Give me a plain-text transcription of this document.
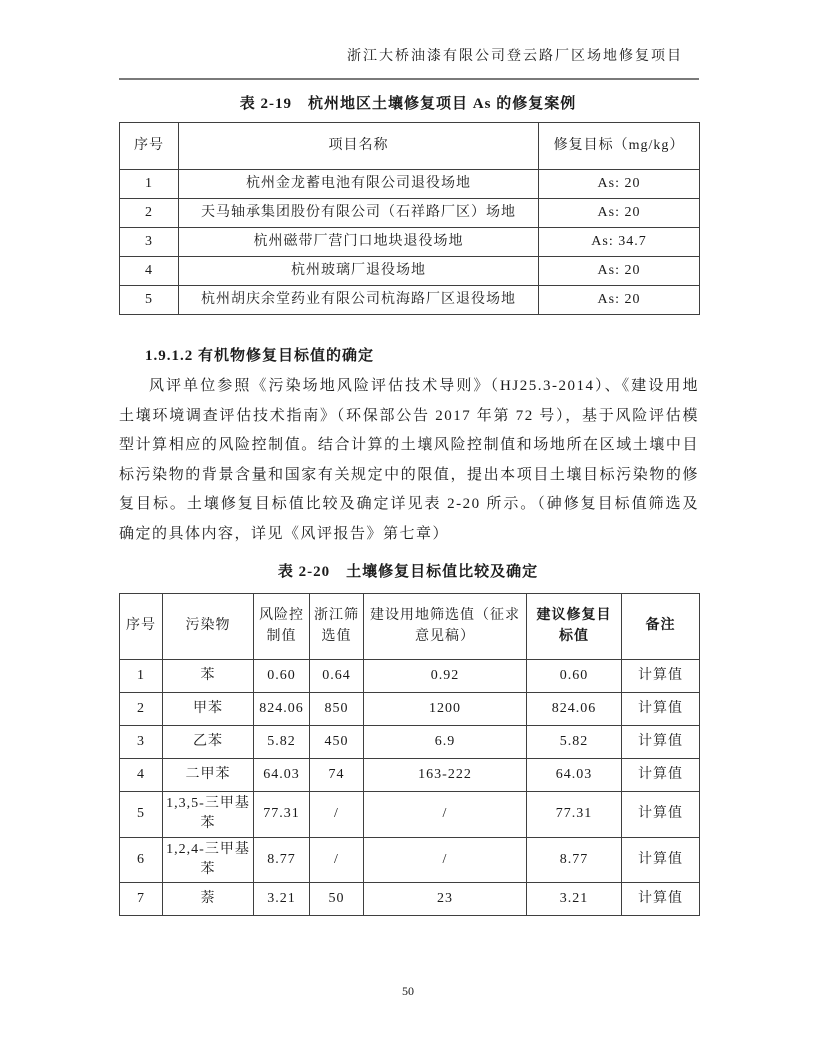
浙江大桥油漆有限公司登云路厂区场地修复项目
表 2-19　杭州地区土壤修复项目 As 的修复案例
序号	项目名称	修复目标（mg/kg）
1	杭州金龙蓄电池有限公司退役场地	As: 20
2	天马轴承集团股份有限公司（石祥路厂区）场地	As: 20
3	杭州磁带厂营门口地块退役场地	As: 34.7
4	杭州玻璃厂退役场地	As: 20
5	杭州胡庆余堂药业有限公司杭海路厂区退役场地	As: 20
1.9.1.2 有机物修复目标值的确定

风评单位参照《污染场地风险评估技术导则》（HJ25.3-2014）、《建设用地土壤环境调查评估技术指南》（环保部公告 2017 年第 72 号），基于风险评估模型计算相应的风险控制值。结合计算的土壤风险控制值和场地所在区域土壤中目标污染物的背景含量和国家有关规定中的限值，提出本项目土壤目标污染物的修复目标。土壤修复目标值比较及确定详见表 2-20 所示。（砷修复目标值筛选及确定的具体内容，详见《风评报告》第七章）

表 2-20　土壤修复目标值比较及确定
序号	污染物	风险控制值	浙江筛选值	建设用地筛选值（征求意见稿）	建议修复目标值	备注
1	苯	0.60	0.64	0.92	0.60	计算值
2	甲苯	824.06	850	1200	824.06	计算值
3	乙苯	5.82	450	6.9	5.82	计算值
4	二甲苯	64.03	74	163-222	64.03	计算值
5	1,3,5-三甲基苯	77.31	/	/	77.31	计算值
6	1,2,4-三甲基苯	8.77	/	/	8.77	计算值
7	萘	3.21	50	23	3.21	计算值
50
